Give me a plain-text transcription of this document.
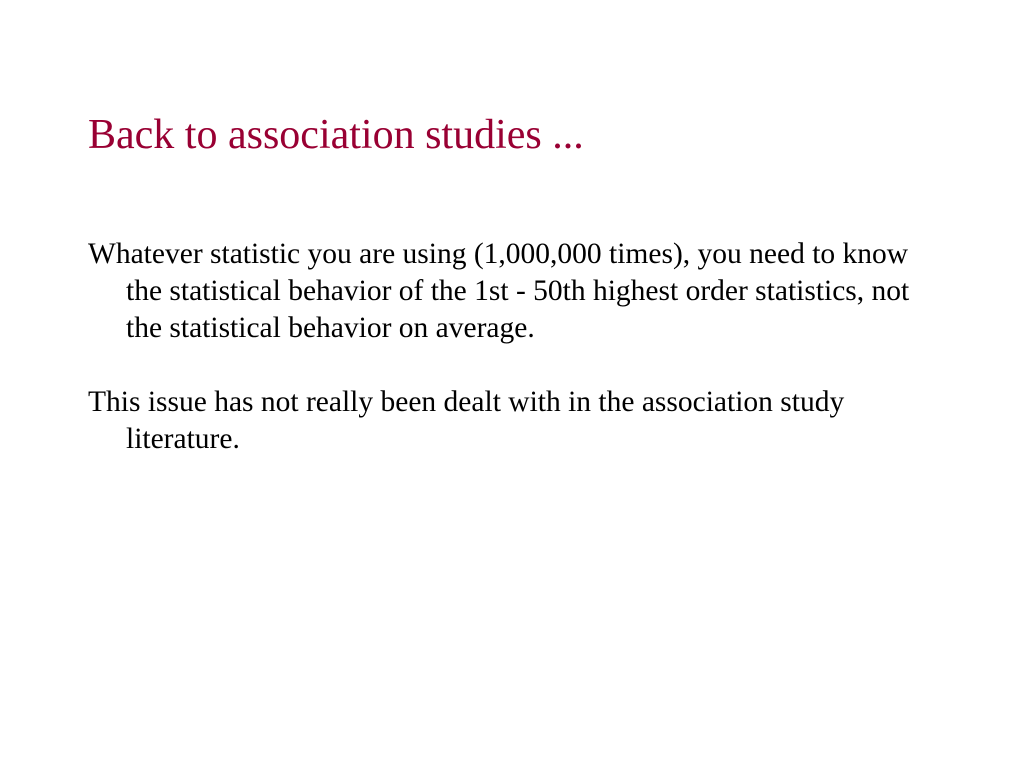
Back to association studies ...
Whatever statistic you are using (1,000,000 times), you need to know the statistical behavior of the 1st - 50th highest order statistics, not the statistical behavior on average.
This issue has not really been dealt with in the association study literature.
